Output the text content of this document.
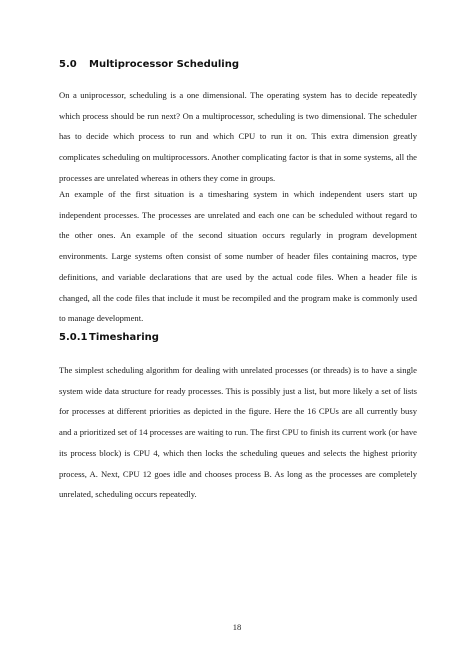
5.0 Multiprocessor Scheduling

On a uniprocessor, scheduling is a one dimensional. The operating system has to decide repeatedly which process should be run next? On a multiprocessor, scheduling is two dimensional. The scheduler has to decide which process to run and which CPU to run it on. This extra dimension greatly complicates scheduling on multiprocessors. Another complicating factor is that in some systems, all the processes are unrelated whereas in others they come in groups.

An example of the first situation is a timesharing system in which independent users start up independent processes. The processes are unrelated and each one can be scheduled without regard to the other ones. An example of the second situation occurs regularly in program development environments. Large systems often consist of some number of header files containing macros, type definitions, and variable declarations that are used by the actual code files. When a header file is changed, all the code files that include it must be recompiled and the program make is commonly used to manage development.

5.0.1 Timesharing

The simplest scheduling algorithm for dealing with unrelated processes (or threads) is to have a single system wide data structure for ready processes. This is possibly just a list, but more likely a set of lists for processes at different priorities as depicted in the figure. Here the 16 CPUs are all currently busy and a prioritized set of 14 processes are waiting to run. The first CPU to finish its current work (or have its process block) is CPU 4, which then locks the scheduling queues and selects the highest priority process, A. Next, CPU 12 goes idle and chooses process B. As long as the processes are completely unrelated, scheduling occurs repeatedly.

18
